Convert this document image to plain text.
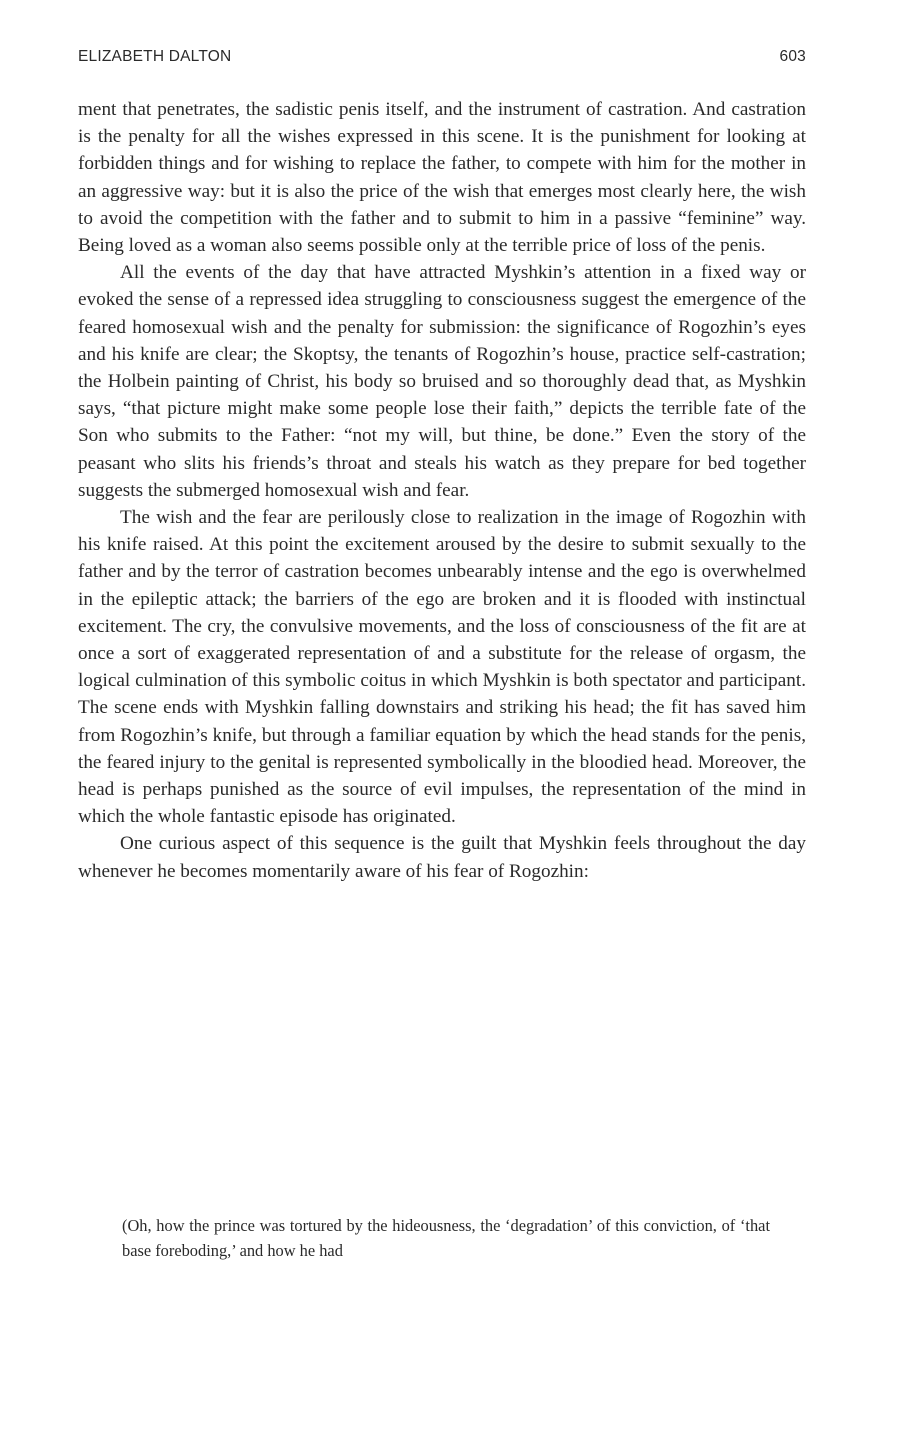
ELIZABETH DALTON	603

ment that penetrates, the sadistic penis itself, and the instrument of castration. And castration is the penalty for all the wishes expressed in this scene. It is the punishment for looking at forbidden things and for wishing to replace the father, to compete with him for the mother in an aggressive way: but it is also the price of the wish that emerges most clearly here, the wish to avoid the competition with the father and to submit to him in a passive “feminine” way. Being loved as a woman also seems possible only at the terrible price of loss of the penis.

All the events of the day that have attracted Myshkin’s attention in a fixed way or evoked the sense of a repressed idea struggling to consciousness suggest the emergence of the feared homosexual wish and the penalty for submission: the significance of Rogozhin’s eyes and his knife are clear; the Skoptsy, the tenants of Rogozhin’s house, practice self-castration; the Holbein painting of Christ, his body so bruised and so thoroughly dead that, as Myshkin says, “that picture might make some people lose their faith,” depicts the terrible fate of the Son who submits to the Father: “not my will, but thine, be done.” Even the story of the peasant who slits his friends’s throat and steals his watch as they prepare for bed together suggests the submerged homosexual wish and fear.

The wish and the fear are perilously close to realization in the image of Rogozhin with his knife raised. At this point the excitement aroused by the desire to submit sexually to the father and by the terror of castration becomes unbearably intense and the ego is overwhelmed in the epileptic attack; the barriers of the ego are broken and it is flooded with instinctual excitement. The cry, the convulsive movements, and the loss of consciousness of the fit are at once a sort of exaggerated representation of and a substitute for the release of orgasm, the logical culmination of this symbolic coitus in which Myshkin is both spectator and participant. The scene ends with Myshkin falling downstairs and striking his head; the fit has saved him from Rogozhin’s knife, but through a familiar equation by which the head stands for the penis, the feared injury to the genital is represented symbolically in the bloodied head. Moreover, the head is perhaps punished as the source of evil impulses, the representation of the mind in which the whole fantastic episode has originated.

One curious aspect of this sequence is the guilt that Myshkin feels throughout the day whenever he becomes momentarily aware of his fear of Rogozhin:

(Oh, how the prince was tortured by the hideousness, the ‘degradation’ of this conviction, of ‘that base foreboding,’ and how he had
